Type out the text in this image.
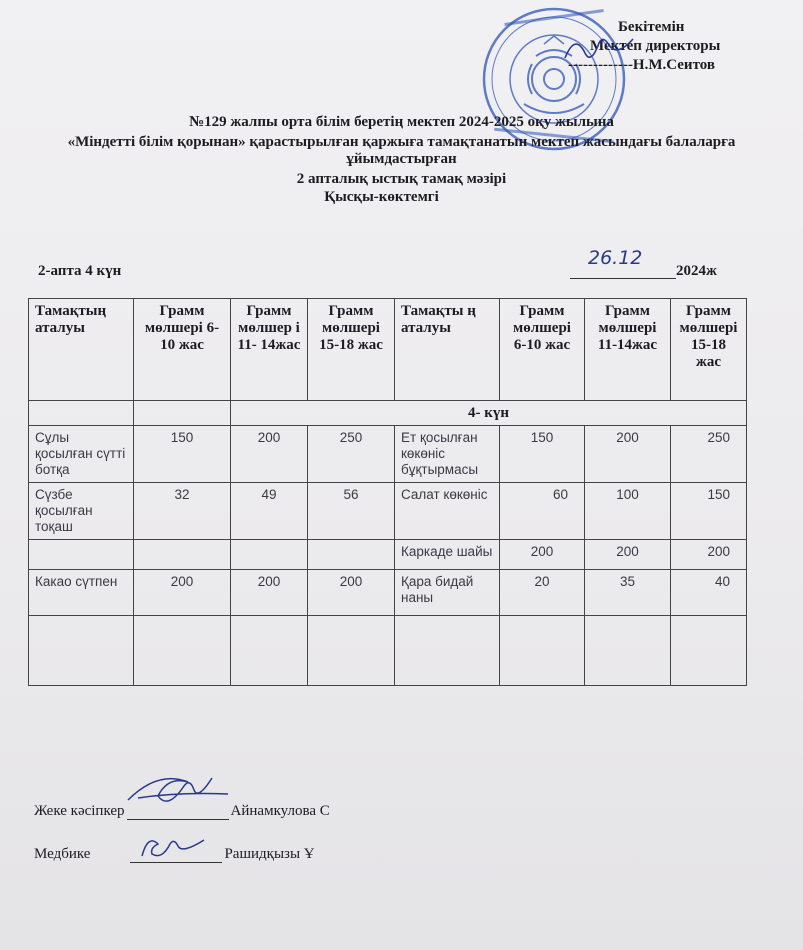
Бекітемін
Мектеп директоры
-------------Н.М.Сеитов
№129 жалпы орта білім беретің мектеп 2024-2025 оқу жылына
«Міндетті білім қорынан» қарастырылған қаржыға тамақтанатын мектеп жасындағы балаларға
ұйымдастырған
2 апталық ыстық тамақ мәзірі
Қысқы-көктемгі
2-апта 4 күн
26.12
2024ж
Тамақтың аталуы	Грамм мөлшері 6-10 жас	Грамм мөлшер і 11- 14жас	Грамм мөлшері 15-18 жас	Тамақты ң аталуы	Грамм мөлшері 6-10 жас	Грамм мөлшері 11-14жас	Грамм мөлшері 15-18 жас
		4- күн					
Сұлы қосылған сүтті ботқа	150	200	250	Ет қосылған көкөніс бұқтырмасы	150	200	250
Сүзбе қосылған тоқаш	32	49	56	Салат көкөніс	60	100	150
				Каркаде шайы	200	200	200
Какао сүтпен	200	200	200	Қара бидай наны	20	35	40

Жеке кәсіпкер	Айнамкулова С
Медбике	Рашидқызы Ұ
